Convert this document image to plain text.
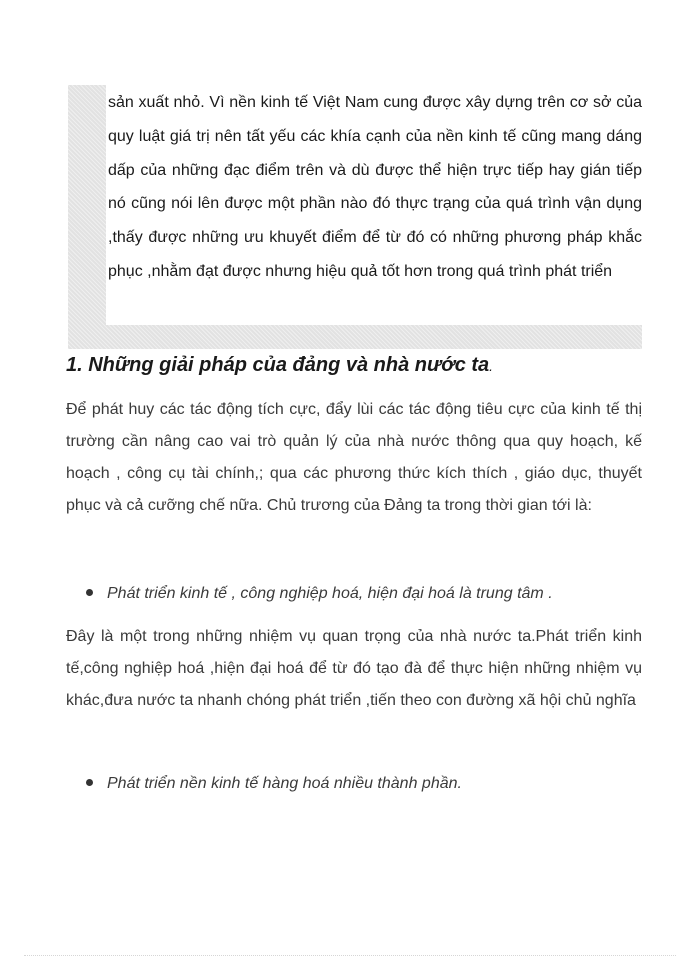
sản xuất nhỏ. Vì nền kinh tế Việt Nam cung được xây dựng trên cơ sở của quy luật giá trị nên tất yếu các khía cạnh của nền kinh tế cũng mang dáng dấp của những đạc điểm trên và dù được thể hiện trực tiếp hay gián tiếp nó cũng nói lên được một phần nào đó thực trạng của quá trình vận dụng ,thấy được những ưu khuyết điểm để từ đó có những phương pháp khắc phục ,nhằm đạt được nhưng hiệu quả tốt hơn trong quá trình phát triển

1. Những giải pháp của đảng và nhà nước ta.

Để phát huy các tác động tích cực, đẩy lùi các tác động tiêu cực của kinh tế thị trường cần nâng cao vai trò quản lý của nhà nước thông qua quy hoạch, kế hoạch , công cụ tài chính,; qua các phương thức kích thích , giáo dục, thuyết phục và cả cưỡng chế nữa. Chủ trương của Đảng ta trong thời gian tới là:

Phát triển kinh tế , công nghiệp hoá, hiện đại hoá là trung tâm .

Đây là một trong những nhiệm vụ quan trọng của nhà nước ta.Phát triển kinh tế,công nghiệp hoá ,hiện đại hoá để từ đó tạo đà để thực hiện những nhiệm vụ khác,đưa nước ta nhanh chóng phát triển ,tiến theo con đường xã hội chủ nghĩa

Phát triển nền kinh tế hàng hoá nhiều thành phần.
